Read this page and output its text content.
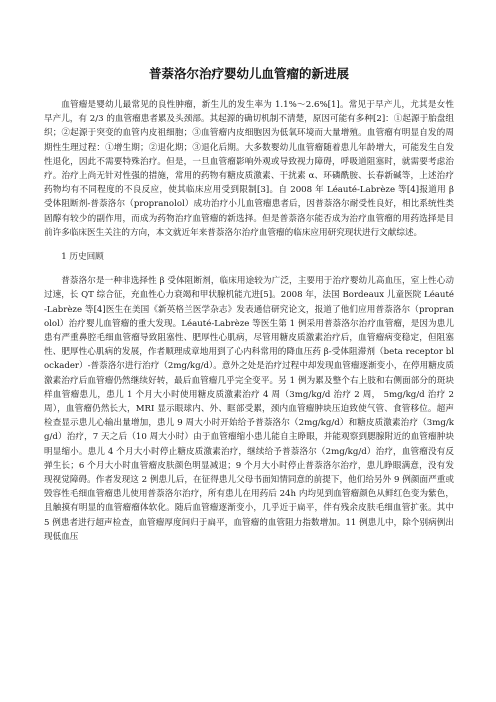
普萘洛尔治疗婴幼儿血管瘤的新进展

血管瘤是婴幼儿最常见的良性肿瘤，新生儿的发生率为 1.1%～2.6%[1]。常见于早产儿，尤其是女性早产儿，有 2/3 的血管瘤患者累及头颈部。其起源的确切机制不清楚，原因可能有多种[2]：①起源于胎盘组织；②起源于突变的血管内皮祖细胞；③血管瘤内皮细胞因为低氧环境而大量增殖。血管瘤有明显自发的周期性生理过程：①增生期；②退化期；③退化后期。大多数婴幼儿血管瘤随着患儿年龄增大，可能发生自发性退化，因此不需要特殊治疗。但是，一旦血管瘤影响外观或导致视力障碍，呼吸道阻塞时，就需要考虑治疗。治疗上尚无针对性强的措施，常用的药物有糖皮质激素、干扰素 α、环磷酰胺、长春新碱等，上述治疗药物均有不同程度的不良反应，使其临床应用受到限制[3]。自 2008 年 Léauté-Labrèze 等[4]报道用 β 受体阻断剂-普萘洛尔（propranolol）成功治疗小儿血管瘤患者后，因普萘洛尔耐受性良好，相比系统性类固醇有较少的副作用，而成为药物治疗血管瘤的新选择。但是普萘洛尔能否成为治疗血管瘤的用药选择是目前许多临床医生关注的方向，本文就近年来普萘洛尔治疗血管瘤的临床应用研究现状进行文献综述。

1 历史回顾

普萘洛尔是一种非选择性 β 受体阻断剂，临床用途较为广泛，主要用于治疗婴幼儿高血压，室上性心动过速，长 QT 综合征，充血性心力衰竭和甲状腺机能亢进[5]。2008 年，法国 Bordeaux 儿童医院 Léauté-Labrèze 等[4]医生在美国《新英格兰医学杂志》发表通信研究论文，报道了他们应用普萘洛尔（propranolol）治疗婴儿血管瘤的重大发现。Léauté-Labrèze 等医生第 1 例采用普萘洛尔治疗血管瘤，是因为患儿患有严重鼻腔毛细血管瘤导致阻塞性、肥厚性心肌病，尽管用糖皮质激素治疗后，血管瘤病变稳定，但阻塞性、肥厚性心肌病的发展，作者顺理成章地用到了心内科常用的降血压药 β-受体阻滞剂（beta receptor blockader）-普萘洛尔进行治疗（2mg/kg/d）。意外之处是治疗过程中却发现血管瘤逐渐变小，在停用糖皮质激素治疗后血管瘤仍然继续好转，最后血管瘤几乎完全变平。另 1 例为累及整个右上肢和右侧面部分的斑块样血管瘤患儿，患儿 1 个月大小时使用糖皮质激素治疗 4 周（3mg/kg/d 治疗 2 周， 5mg/kg/d 治疗 2 周），血管瘤仍然长大，MRI 显示眼球内、外、眶部受累，颈内血管瘤肿块压迫致使气管、食管移位。超声检查显示患儿心输出量增加，患儿 9 周大小时开始给予普萘洛尔（2mg/kg/d）和糖皮质激素治疗（3mg/kg/d）治疗，7 天之后（10 周大小时）由于血管瘤缩小患儿能自主睁眼，并能观察到腮腺附近的血管瘤肿块明显缩小。患儿 4 个月大小时停止糖皮质激素治疗，继续给予普萘洛尔（2mg/kg/d）治疗，血管瘤没有反弹生长；6 个月大小时血管瘤皮肤颜色明显减退；9 个月大小时停止普萘洛尔治疗，患儿睁眼满意，没有发现视觉障碍。作者发现这 2 例患儿后，在征得患儿父母书面知情同意的前提下，他们给另外 9 例颜面严重或毁容性毛细血管瘤患儿使用普萘洛尔治疗，所有患儿在用药后 24h 内均见到血管瘤颜色从鲜红色变为紫色，且触摸有明显的血管瘤瘤体软化。随后血管瘤逐渐变小，几乎近于扁平，伴有残余皮肤毛细血管扩张。其中 5 例患者进行超声检查，血管瘤厚度间归于扁平，血管瘤的血管阻力指数增加。11 例患儿中，除个别病例出现低血压
